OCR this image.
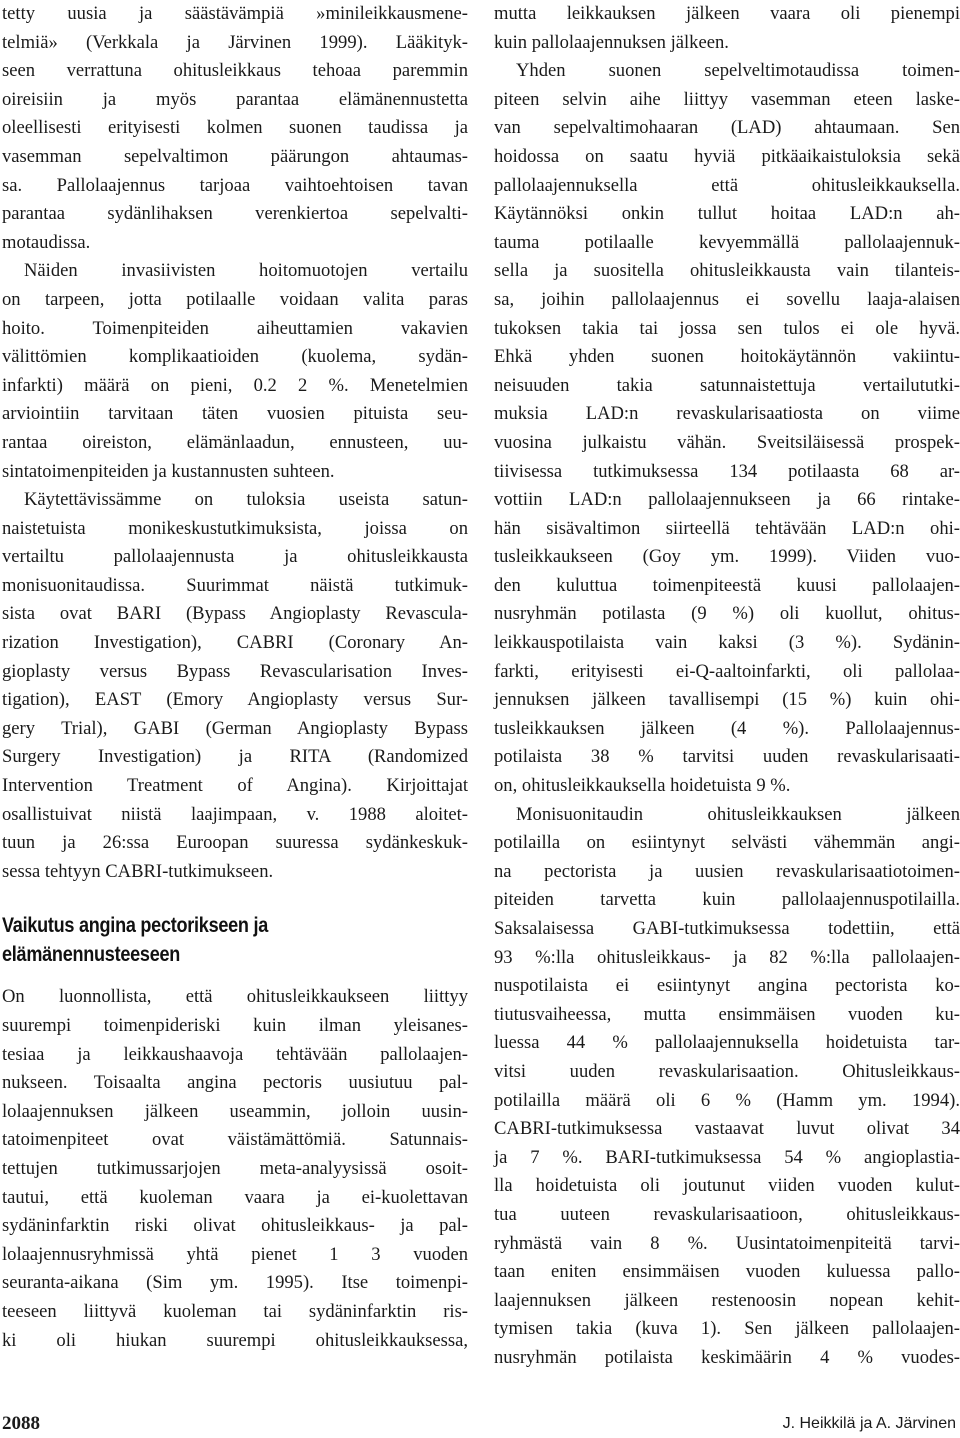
tetty uusia ja säästävämpiä »minileikkausmene-
telmiä» (Verkkala ja Järvinen 1999). Lääkityk-
seen verrattuna ohitusleikkaus tehoaa paremmin
oireisiin ja myös parantaa elämänennustetta
oleellisesti erityisesti kolmen suonen taudissa ja
vasemman sepelvaltimon päärungon ahtaumas-
sa. Pallolaajennus tarjoaa vaihtoehtoisen tavan
parantaa sydänlihaksen verenkiertoa sepelvalti-
motaudissa.
Näiden invasiivisten hoitomuotojen vertailu
on tarpeen, jotta potilaalle voidaan valita paras
hoito. Toimenpiteiden aiheuttamien vakavien
välittömien komplikaatioiden (kuolema, sydän-
infarkti) määrä on pieni, 0.2 2 %. Menetelmien
arviointiin tarvitaan täten vuosien pituista seu-
rantaa oireiston, elämänlaadun, ennusteen, uu-
sintatoimenpiteiden ja kustannusten suhteen.
Käytettävissämme on tuloksia useista satun-
naistetuista monikeskustutkimuksista, joissa on
vertailtu pallolaajennusta ja ohitusleikkausta
monisuonitaudissa. Suurimmat näistä tutkimuk-
sista ovat BARI (Bypass Angioplasty Revascula-
rization Investigation), CABRI (Coronary An-
gioplasty versus Bypass Revascularisation Inves-
tigation), EAST (Emory Angioplasty versus Sur-
gery Trial), GABI (German Angioplasty Bypass
Surgery Investigation) ja RITA (Randomized
Intervention Treatment of Angina). Kirjoittajat
osallistuivat niistä laajimpaan, v. 1988 aloitet-
tuun ja 26:ssa Euroopan suuressa sydänkeskuk-
sessa tehtyyn CABRI-tutkimukseen.
Vaikutus angina pectorikseen ja
elämänennusteeseen
On luonnollista, että ohitusleikkaukseen liittyy
suurempi toimenpideriski kuin ilman yleisanes-
tesiaa ja leikkaushaavoja tehtävään pallolaajen-
nukseen. Toisaalta angina pectoris uusiutuu pal-
lolaajennuksen jälkeen useammin, jolloin uusin-
tatoimenpiteet ovat väistämättömiä. Satunnais-
tettujen tutkimussarjojen meta-analyysissä osoit-
tautui, että kuoleman vaara ja ei-kuolettavan
sydäninfarktin riski olivat ohitusleikkaus- ja pal-
lolaajennusryhmissä yhtä pienet 1 3 vuoden
seuranta-aikana (Sim ym. 1995). Itse toimenpi-
teeseen liittyvä kuoleman tai sydäninfarktin ris-
ki oli hiukan suurempi ohitusleikkauksessa,
mutta leikkauksen jälkeen vaara oli pienempi
kuin pallolaajennuksen jälkeen.
Yhden suonen sepelveltimotaudissa toimen-
piteen selvin aihe liittyy vasemman eteen laske-
van sepelvaltimohaaran (LAD) ahtaumaan. Sen
hoidossa on saatu hyviä pitkäaikaistuloksia sekä
pallolaajennuksella että ohitusleikkauksella.
Käytännöksi onkin tullut hoitaa LAD:n ah-
tauma potilaalle kevyemmällä pallolaajennuk-
sella ja suositella ohitusleikkausta vain tilanteis-
sa, joihin pallolaajennus ei sovellu laaja-alaisen
tukoksen takia tai jossa sen tulos ei ole hyvä.
Ehkä yhden suonen hoitokäytännön vakiintu-
neisuuden takia satunnaistettuja vertailututki-
muksia LAD:n revaskularisaatiosta on viime
vuosina julkaistu vähän. Sveitsiläisessä prospek-
tiivisessa tutkimuksessa 134 potilaasta 68 ar-
vottiin LAD:n pallolaajennukseen ja 66 rintake-
hän sisävaltimon siirteellä tehtävään LAD:n ohi-
tusleikkaukseen (Goy ym. 1999). Viiden vuo-
den kuluttua toimenpiteestä kuusi pallolaajen-
nusryhmän potilasta (9 %) oli kuollut, ohitus-
leikkauspotilaista vain kaksi (3 %). Sydänin-
farkti, erityisesti ei-Q-aaltoinfarkti, oli pallolaa-
jennuksen jälkeen tavallisempi (15 %) kuin ohi-
tusleikkauksen jälkeen (4 %). Pallolaajennus-
potilaista 38 % tarvitsi uuden revaskularisaati-
on, ohitusleikkauksella hoidetuista 9 %.
Monisuonitaudin ohitusleikkauksen jälkeen
potilailla on esiintynyt selvästi vähemmän angi-
na pectorista ja uusien revaskularisaatiotoimen-
piteiden tarvetta kuin pallolaajennuspotilailla.
Saksalaisessa GABI-tutkimuksessa todettiin, että
93 %:lla ohitusleikkaus- ja 82 %:lla pallolaajen-
nuspotilaista ei esiintynyt angina pectorista ko-
tiutusvaiheessa, mutta ensimmäisen vuoden ku-
luessa 44 % pallolaajennuksella hoidetuista tar-
vitsi uuden revaskularisaation. Ohitusleikkaus-
potilailla määrä oli 6 % (Hamm ym. 1994).
CABRI-tutkimuksessa vastaavat luvut olivat 34
ja 7 %. BARI-tutkimuksessa 54 % angioplastia-
lla hoidetuista oli joutunut viiden vuoden kulut-
tua uuteen revaskularisaatioon, ohitusleikkaus-
ryhmästä vain 8 %. Uusintatoimenpiteitä tarvi-
taan eniten ensimmäisen vuoden kuluessa pallo-
laajennuksen jälkeen restenoosin nopean kehit-
tymisen takia (kuva 1). Sen jälkeen pallolaajen-
nusryhmän potilaista keskimäärin 4 % vuodes-
2088	J. Heikkilä ja A. Järvinen
